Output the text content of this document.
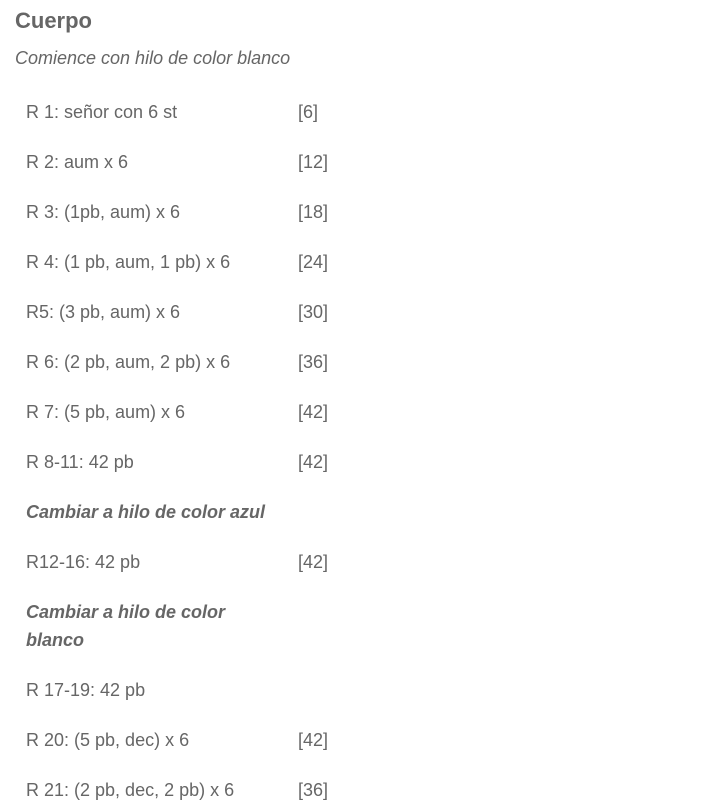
Cuerpo

Comience con hilo de color blanco

R 1: señor con 6 st	[6]
R 2: aum x 6	[12]
R 3: (1pb, aum) x 6	[18]
R 4: (1 pb, aum, 1 pb) x 6	[24]
R5: (3 pb, aum) x 6	[30]
R 6: (2 pb, aum, 2 pb) x 6	[36]
R 7: (5 pb, aum) x 6	[42]
R 8-11: 42 pb	[42]
Cambiar a hilo de color azul	
R12-16: 42 pb	[42]
Cambiar a hilo de color blanco	
R 17-19: 42 pb	
R 20: (5 pb, dec) x 6	[42]
R 21: (2 pb, dec, 2 pb) x 6	[36]
